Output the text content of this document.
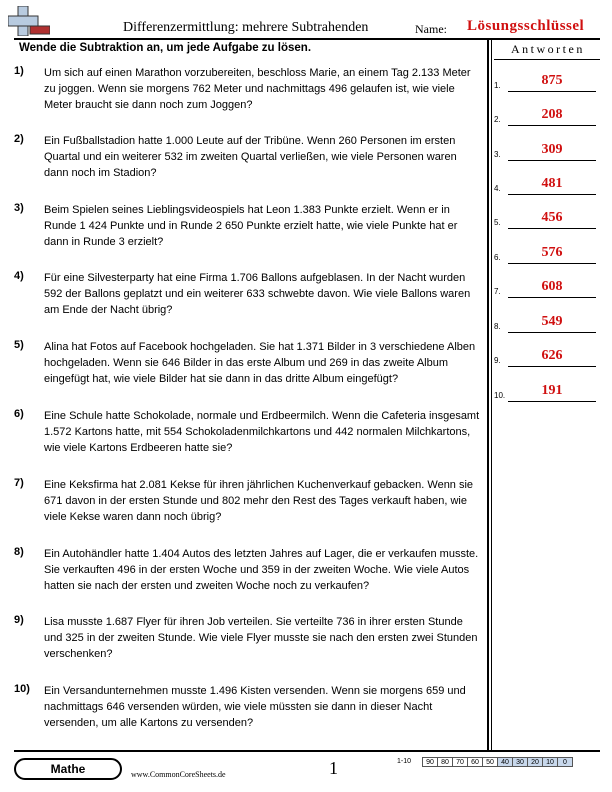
Differenzermittlung: mehrere Subtrahenden	Name: Lösungsschlüssel
Wende die Subtraktion an, um jede Aufgabe zu lösen.	Antworten
1)	Um sich auf einen Marathon vorzubereiten, beschloss Marie, an einem Tag 2.133 Meter zu joggen. Wenn sie morgens 762 Meter und nachmittags 496 gelaufen ist, wie viele Meter braucht sie dann noch zum Joggen?
2)	Ein Fußballstadion hatte 1.000 Leute auf der Tribüne. Wenn 260 Personen im ersten Quartal und ein weiterer 532 im zweiten Quartal verließen, wie viele Personen waren dann noch im Stadion?
3)	Beim Spielen seines Lieblingsvideospiels hat Leon 1.383 Punkte erzielt. Wenn er in Runde 1 424 Punkte und in Runde 2 650 Punkte erzielt hatte, wie viele Punkte hat er dann in Runde 3 erzielt?
4)	Für eine Silvesterparty hat eine Firma 1.706 Ballons aufgeblasen. In der Nacht wurden 592 der Ballons geplatzt und ein weiterer 633 schwebte davon. Wie viele Ballons waren am Ende der Nacht übrig?
5)	Alina hat Fotos auf Facebook hochgeladen. Sie hat 1.371 Bilder in 3 verschiedene Alben hochgeladen. Wenn sie 646 Bilder in das erste Album und 269 in das zweite Album eingefügt hat, wie viele Bilder hat sie dann in das dritte Album eingefügt?
6)	Eine Schule hatte Schokolade, normale und Erdbeermilch. Wenn die Cafeteria insgesamt 1.572 Kartons hatte, mit 554 Schokoladenmilchkartons und 442 normalen Milchkartons, wie viele Kartons Erdbeeren hatte sie?
7)	Eine Keksfirma hat 2.081 Kekse für ihren jährlichen Kuchenverkauf gebacken. Wenn sie 671 davon in der ersten Stunde und 802 mehr den Rest des Tages verkauft haben, wie viele Kekse waren dann noch übrig?
8)	Ein Autohändler hatte 1.404 Autos des letzten Jahres auf Lager, die er verkaufen musste. Sie verkauften 496 in der ersten Woche und 359 in der zweiten Woche. Wie viele Autos hatten sie nach der ersten und zweiten Woche noch zu verkaufen?
9)	Lisa musste 1.687 Flyer für ihren Job verteilen. Sie verteilte 736 in ihrer ersten Stunde und 325 in der zweiten Stunde. Wie viele Flyer musste sie nach den ersten zwei Stunden verschenken?
10)	Ein Versandunternehmen musste 1.496 Kisten versenden. Wenn sie morgens 659 und nachmittags 646 versenden würden, wie viele müssten sie dann in dieser Nacht versenden, um alle Kartons zu versenden?
1.	875
2.	208
3.	309
4.	481
5.	456
6.	576
7.	608
8.	549
9.	626
10.	191
Mathe	www.CommonCoreSheets.de	1	1-10	90	80	70	60	50	40	30	20	10	0
